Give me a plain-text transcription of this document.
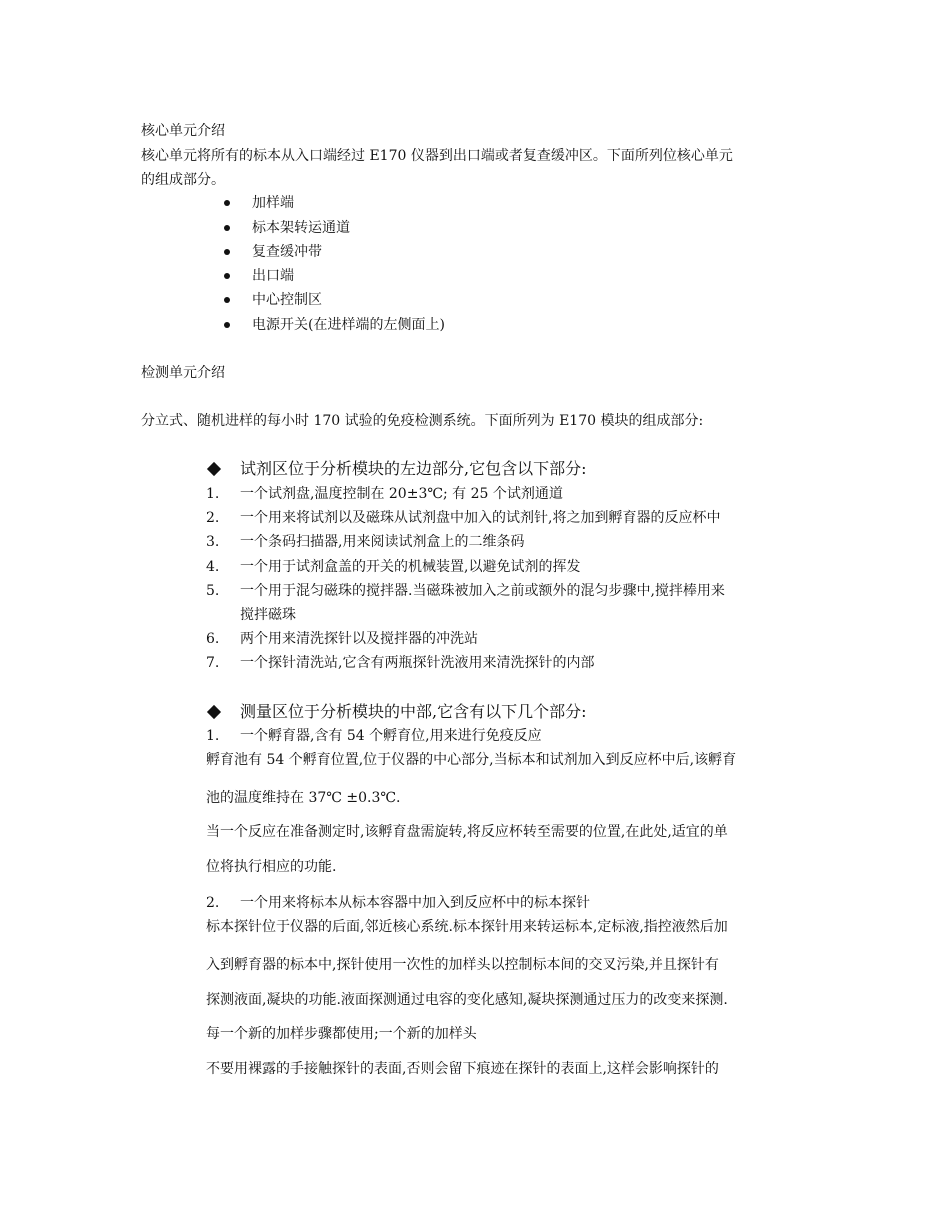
核心单元介绍
核心单元将所有的标本从入口端经过 E170 仪器到出口端或者复查缓冲区。下面所列位核心单元
的组成部分。
加样端
标本架转运通道
复查缓冲带
出口端
中心控制区
电源开关(在进样端的左侧面上)
检测单元介绍
分立式、随机进样的每小时 170 试验的免疫检测系统。下面所列为 E170 模块的组成部分:
试剂区位于分析模块的左边部分,它包含以下部分:
1. 一个试剂盘,温度控制在 20±3℃; 有 25 个试剂通道
2. 一个用来将试剂以及磁珠从试剂盘中加入的试剂针,将之加到孵育器的反应杯中
3. 一个条码扫描器,用来阅读试剂盒上的二维条码
4. 一个用于试剂盒盖的开关的机械装置,以避免试剂的挥发
5. 一个用于混匀磁珠的搅拌器.当磁珠被加入之前或额外的混匀步骤中,搅拌棒用来
搅拌磁珠
6. 两个用来清洗探针以及搅拌器的冲洗站
7. 一个探针清洗站,它含有两瓶探针洗液用来清洗探针的内部
测量区位于分析模块的中部,它含有以下几个部分:
1. 一个孵育器,含有 54 个孵育位,用来进行免疫反应
孵育池有 54 个孵育位置,位于仪器的中心部分,当标本和试剂加入到反应杯中后,该孵育
池的温度维持在 37℃ ±0.3℃.
当一个反应在准备测定时,该孵育盘需旋转,将反应杯转至需要的位置,在此处,适宜的单
位将执行相应的功能.
2. 一个用来将标本从标本容器中加入到反应杯中的标本探针
标本探针位于仪器的后面,邻近核心系统.标本探针用来转运标本,定标液,指控液然后加
入到孵育器的标本中,探针使用一次性的加样头以控制标本间的交叉污染,并且探针有
探测液面,凝块的功能.液面探测通过电容的变化感知,凝块探测通过压力的改变来探测.
每一个新的加样步骤都使用;一个新的加样头
不要用裸露的手接触探针的表面,否则会留下痕迹在探针的表面上,这样会影响探针的
